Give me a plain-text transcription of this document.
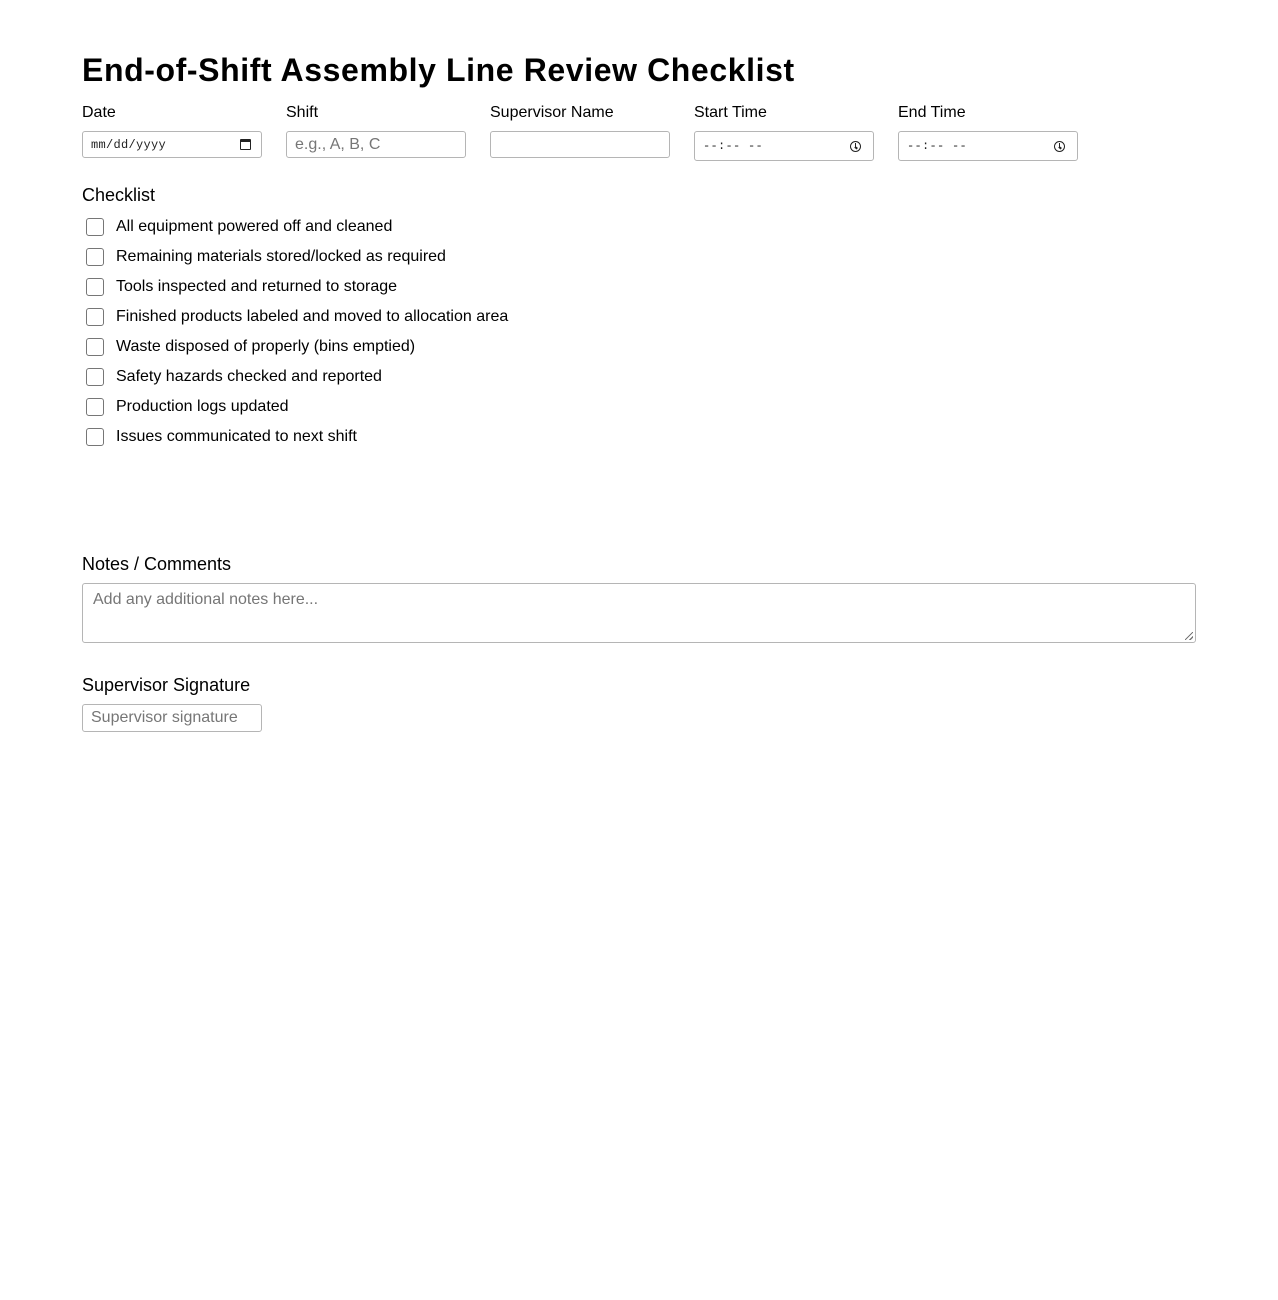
End-of-Shift Assembly Line Review Checklist
Date
mm/dd/yyyy
Shift
e.g., A, B, C
Supervisor Name	Start Time
--:-- --
End Time
--:-- --
Checklist
All equipment powered off and cleaned
Remaining materials stored/locked as required
Tools inspected and returned to storage
Finished products labeled and moved to allocation area
Waste disposed of properly (bins emptied)
Safety hazards checked and reported
Production logs updated
Issues communicated to next shift
Notes / Comments
Add any additional notes here...
Supervisor Signature
Supervisor signature
